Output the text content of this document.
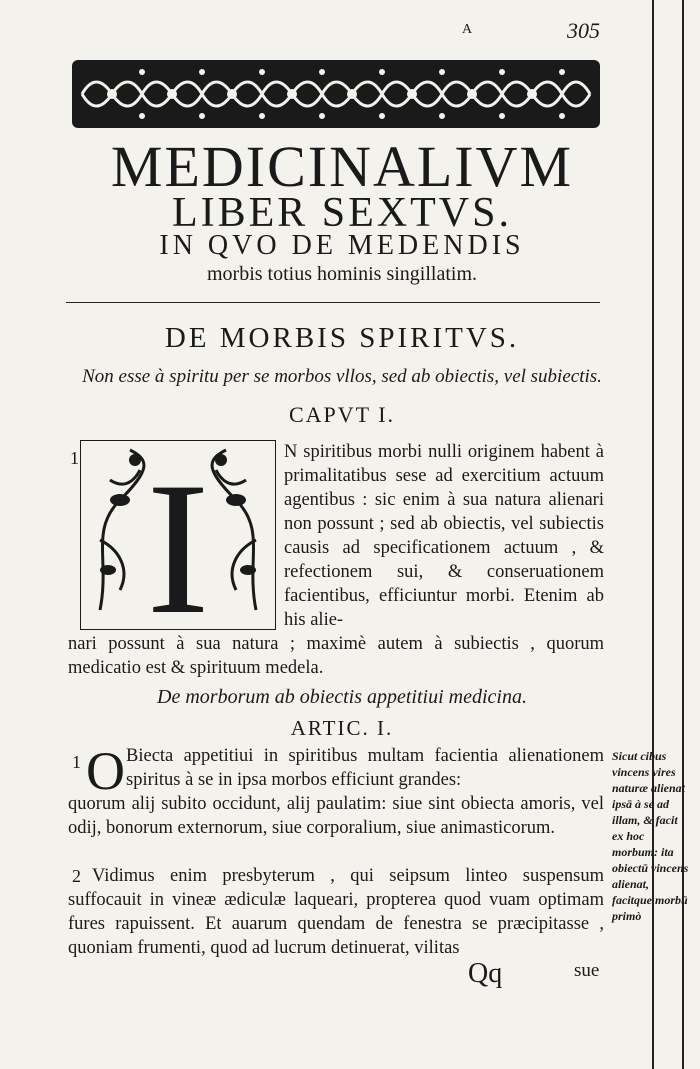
A	305
MEDICINALIVM
LIBER SEXTVS.
IN QVO DE MEDENDIS
morbis totius hominis singillatim.
DE MORBIS SPIRITVS.
Non esse à spiritu per se morbos vllos, sed ab obiectis, vel subiectis.
CAPVT I.
1 I	N spiritibus morbi nulli originem habent à primalitatibus sese ad exercitium actuum agentibus : sic enim à sua natura alienari non possunt ; sed ab obiectis, vel subiectis causis ad specificationem actuum , & refectionem sui, & conseruationem facientibus, efficiuntur morbi. Etenim ab his alie-
nari possunt à sua natura ; maximè autem à subiectis , quorum medicatio est & spirituum medela.
De morborum ab obiectis appetitiui medicina.
ARTIC. I.
1 O Biecta appetitiui in spiritibus multam facientia alienationem spiritus à se in ipsa morbos efficiunt grandes:
quorum alij subito occidunt, alij paulatim: siue sint obiecta amoris, vel odij, bonorum externorum, siue corporalium, siue animasticorum.
2 Vidimus enim presbyterum , qui seipsum linteo suspensum suffocauit in vineæ ædiculæ laqueari, propterea quod vuam optimam fures rapuissent. Et auarum quendam de fenestra se præcipitasse , quoniam frumenti, quod ad lucrum detinuerat, vilitas
Sicut cibus vincens vires naturæ alienat ipsā à se ad illam, & facit ex hoc morbum: ita obiectū vincens alienat, facitque morbū primò
Qq	sue
